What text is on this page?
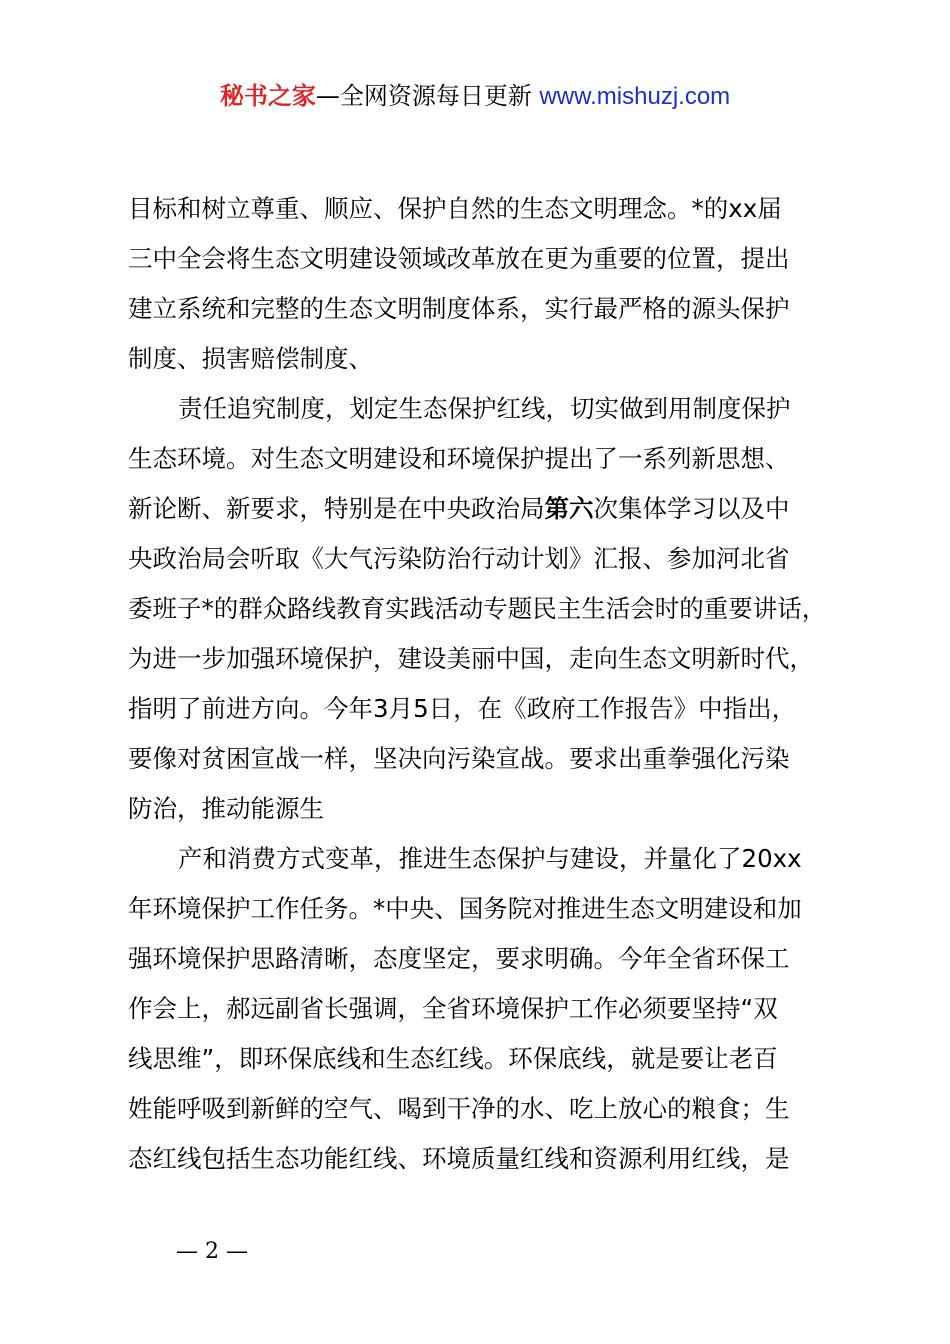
秘书之家—全网资源每日更新 www.mishuzj.com
目标和树立尊重、顺应、保护自然的生态文明理念。*的xx届
三中全会将生态文明建设领域改革放在更为重要的位置，提出
建立系统和完整的生态文明制度体系，实行最严格的源头保护
制度、损害赔偿制度、
责任追究制度，划定生态保护红线，切实做到用制度保护
生态环境。对生态文明建设和环境保护提出了一系列新思想、
新论断、新要求，特别是在中央政治局第六次集体学习以及中
央政治局会听取《大气污染防治行动计划》汇报、参加河北省
委班子*的群众路线教育实践活动专题民主生活会时的重要讲话，
为进一步加强环境保护，建设美丽中国，走向生态文明新时代，
指明了前进方向。今年3月5日，在《政府工作报告》中指出，
要像对贫困宣战一样，坚决向污染宣战。要求出重拳强化污染
防治，推动能源生
产和消费方式变革，推进生态保护与建设，并量化了20xx
年环境保护工作任务。*中央、国务院对推进生态文明建设和加
强环境保护思路清晰，态度坚定，要求明确。今年全省环保工
作会上，郝远副省长强调，全省环境保护工作必须要坚持“双
线思维”，即环保底线和生态红线。环保底线，就是要让老百
姓能呼吸到新鲜的空气、喝到干净的水、吃上放心的粮食；生
态红线包括生态功能红线、环境质量红线和资源利用红线，是
— 2 —
